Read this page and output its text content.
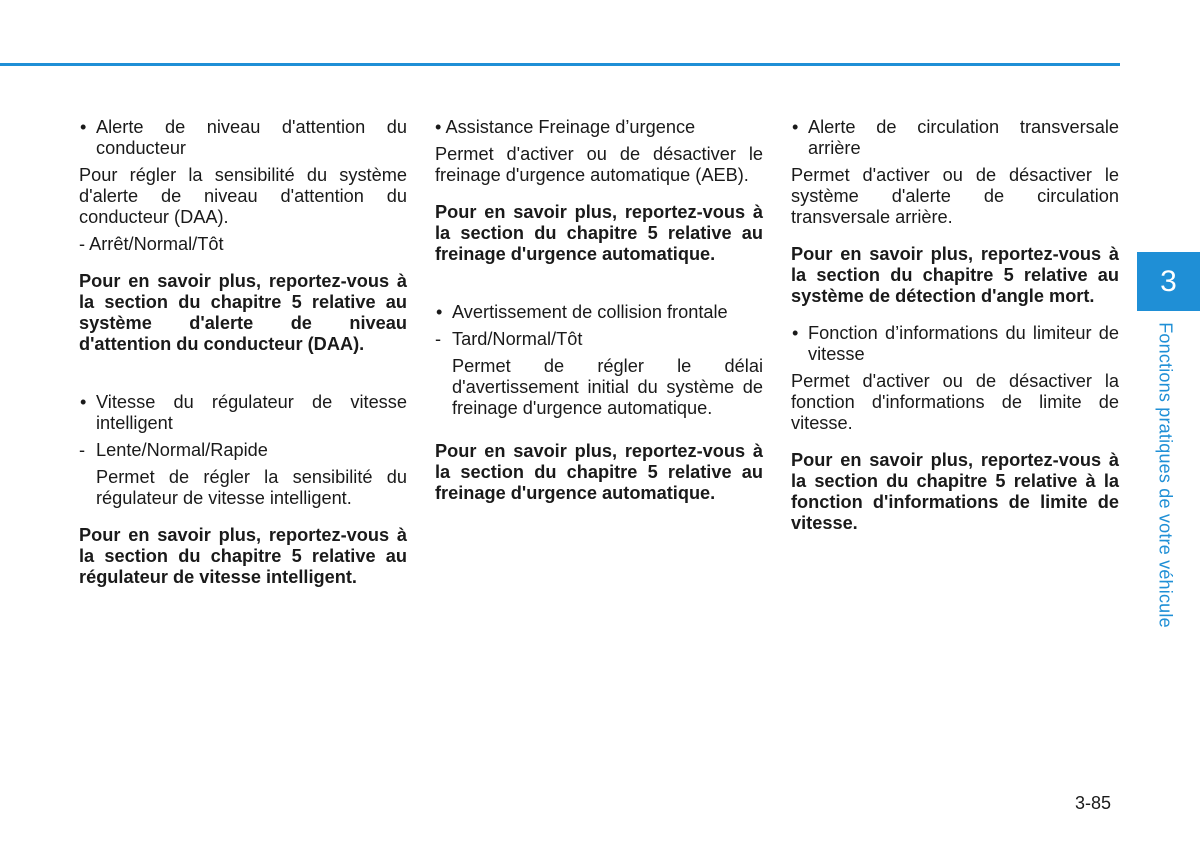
• Alerte de niveau d'attention du conducteur
Pour régler la sensibilité du système d'alerte de niveau d'attention du conducteur (DAA).
- Arrêt/Normal/Tôt
Pour en savoir plus, reportez-vous à la section du chapitre 5 relative au système d'alerte de niveau d'attention du conducteur (DAA).
• Vitesse du régulateur de vitesse intelligent
- Lente/Normal/Rapide
Permet de régler la sensibilité du régulateur de vitesse intelligent.
Pour en savoir plus, reportez-vous à la section du chapitre 5 relative au régulateur de vitesse intelligent.
• Assistance Freinage d’urgence
Permet d'activer ou de désactiver le freinage d'urgence automatique (AEB).
Pour en savoir plus, reportez-vous à la section du chapitre 5 relative au freinage d'urgence automatique.
• Avertissement de collision frontale
- Tard/Normal/Tôt
Permet de régler le délai d'avertissement initial du système de freinage d'urgence automatique.
Pour en savoir plus, reportez-vous à la section du chapitre 5 relative au freinage d'urgence automatique.
• Alerte de circulation transversale arrière
Permet d'activer ou de désactiver le système d'alerte de circulation transversale arrière.
Pour en savoir plus, reportez-vous à la section du chapitre 5 relative au système de détection d'angle mort.
• Fonction d’informations du limiteur de vitesse
Permet d'activer ou de désactiver la fonction d'informations de limite de vitesse.
Pour en savoir plus, reportez-vous à la section du chapitre 5 relative à la fonction d'informations de limite de vitesse.
3
Fonctions pratiques de votre véhicule
3-85
